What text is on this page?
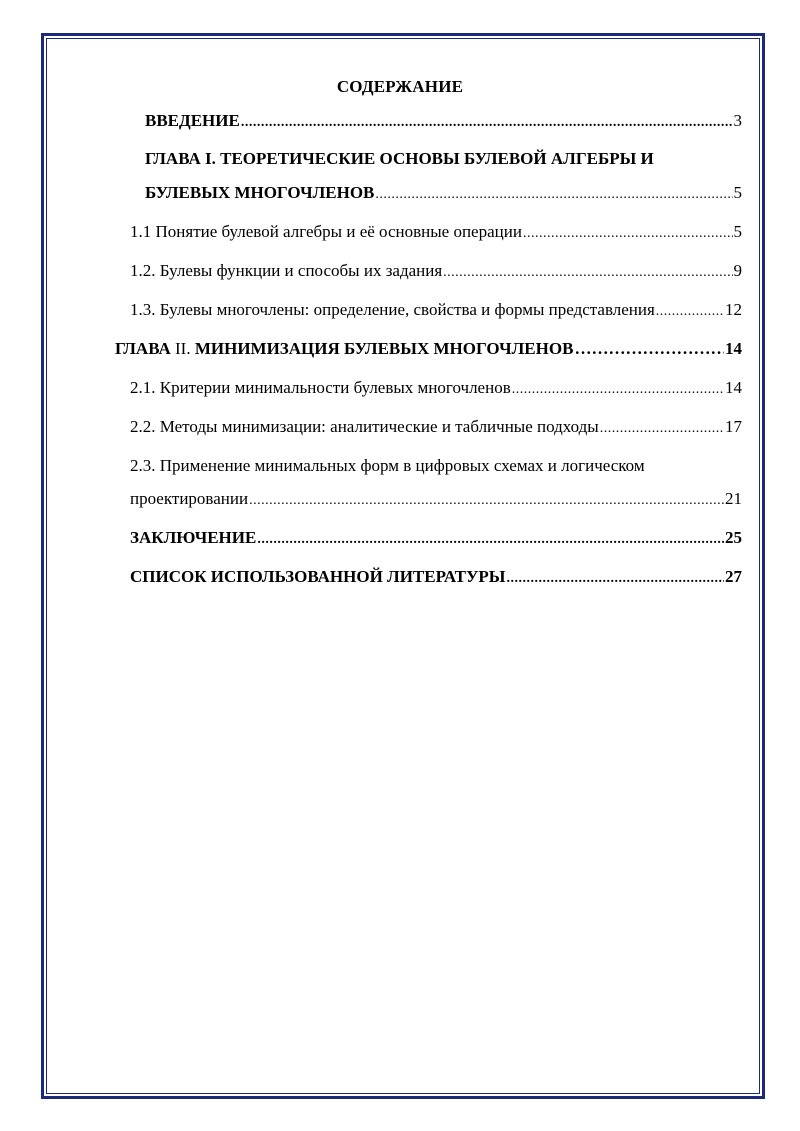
СОДЕРЖАНИЕ
ВВЕДЕНИЕ .....	3
ГЛАВА I. ТЕОРЕТИЧЕСКИЕ ОСНОВЫ БУЛЕВОЙ АЛГЕБРЫ И
БУЛЕВЫХ МНОГОЧЛЕНОВ .....	5
1.1 Понятие булевой алгебры и её основные операции .....	5
1.2. Булевы функции и способы их задания .....	9
1.3. Булевы многочлены: определение, свойства и формы представления .....	12
ГЛАВА II. МИНИМИЗАЦИЯ БУЛЕВЫХ МНОГОЧЛЕНОВ ……………………………………………………………………………………………………	14
2.1. Критерии минимальности булевых многочленов .....	14
2.2. Методы минимизации: аналитические и табличные подходы .....	17
2.3. Применение минимальных форм в цифровых схемах и логическом
проектировании .....	21
ЗАКЛЮЧЕНИЕ .....	25
СПИСОК ИСПОЛЬЗОВАННОЙ ЛИТЕРАТУРЫ .....	27
